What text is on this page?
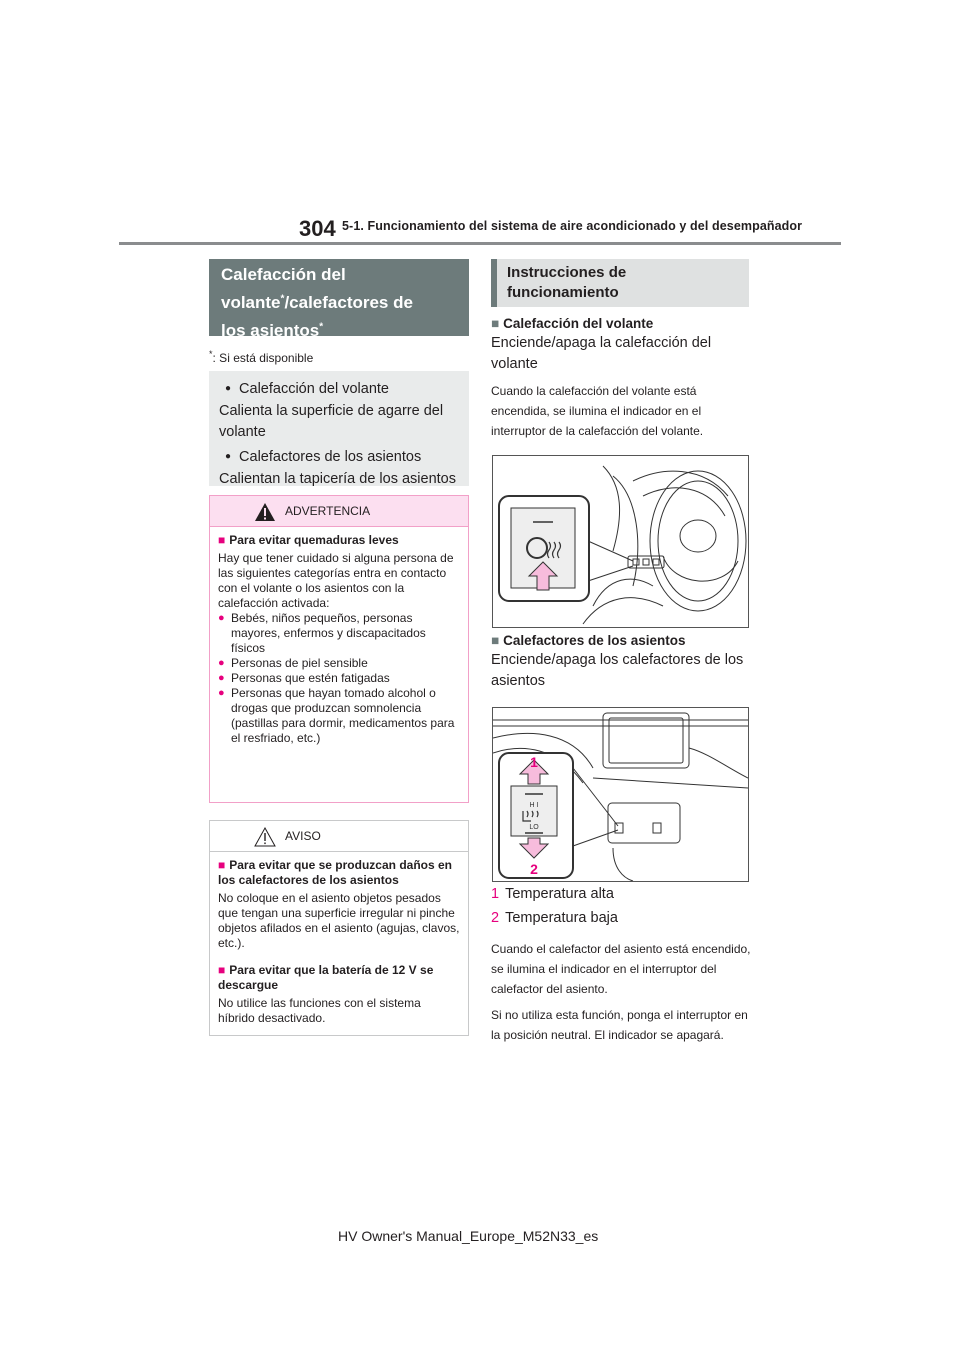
304 5-1. Funcionamiento del sistema de aire acondicionado y del desempañador
Calefacción del
volante*/calefactores de
los asientos*
*: Si está disponible
● Calefacción del volante

Calienta la superficie de agarre del volante

● Calefactores de los asientos

Calientan la tapicería de los asientos

ADVERTENCIA

■ Para evitar quemaduras leves

Hay que tener cuidado si alguna persona de las siguientes categorías entra en contacto con el volante o los asientos con la calefacción activada:

● Bebés, niños pequeños, personas mayores, enfermos y discapacitados físicos

● Personas de piel sensible

● Personas que estén fatigadas

● Personas que hayan tomado alcohol o drogas que produzcan somnolencia (pastillas para dormir, medicamentos para el resfriado, etc.)

AVISO

■ Para evitar que se produzcan daños en los calefactores de los asientos

No coloque en el asiento objetos pesados que tengan una superficie irregular ni pinche objetos afilados en el asiento (agujas, clavos, etc.).

■ Para evitar que la batería de 12 V se descargue

No utilice las funciones con el sistema híbrido desactivado.

Instrucciones de funcionamiento
■ Calefacción del volante
Enciende/apaga la calefacción del volante
Cuando la calefacción del volante está encendida, se ilumina el indicador en el interruptor de la calefacción del volante.
■ Calefactores de los asientos
Enciende/apaga los calefactores de los asientos
H I
LO
1
2
1 Temperatura alta
2 Temperatura baja
Cuando el calefactor del asiento está encendido, se ilumina el indicador en el interruptor del calefactor del asiento.
Si no utiliza esta función, ponga el interruptor en la posición neutral. El indicador se apagará.
HV Owner's Manual_Europe_M52N33_es
